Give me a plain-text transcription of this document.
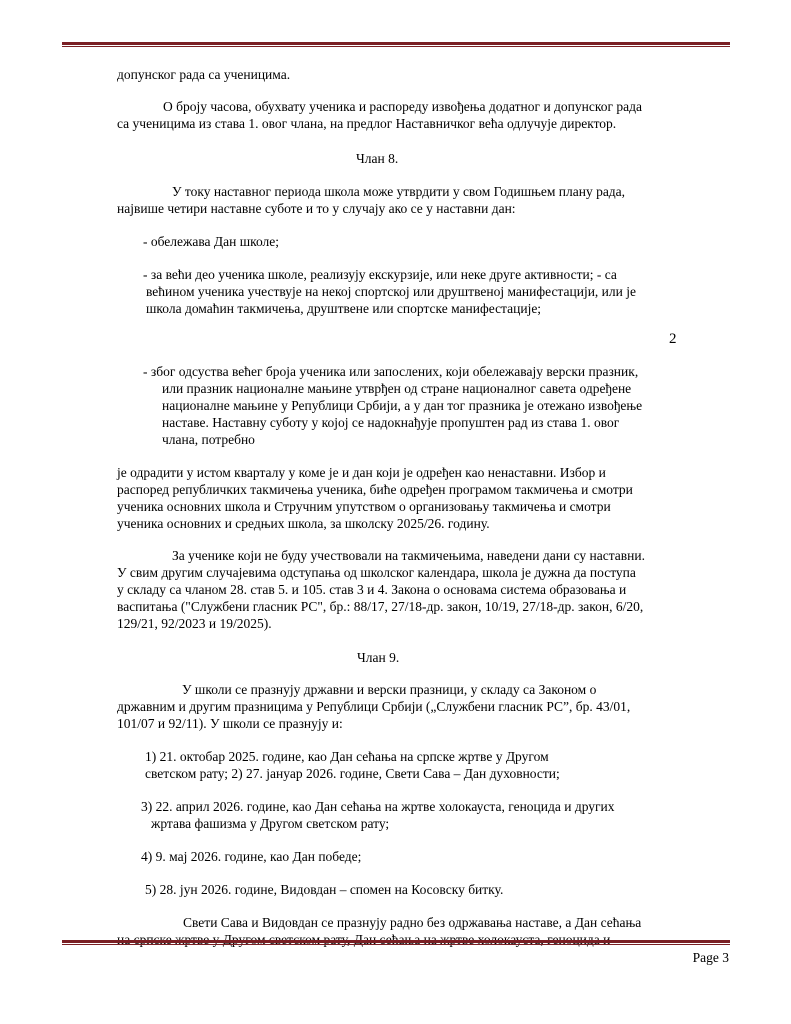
допунског рада са ученицима.
О броју часова, обухвату ученика и распореду извођења додатног и допунског рада
са ученицима из става 1. овог члана, на предлог Наставничког већа одлучује директор.
Члан 8.
У току наставног периода школа може утврдити у свом Годишњем плану рада,
највише четири наставне суботе и то у случају ако се у наставни дан:
- обележава Дан школе;
- за већи део ученика школе, реализују екскурзије, или неке друге активности; - са
већином ученика учествује на некој спортској или друштвеној манифестацији, или је
школа домаћин такмичења, друштвене или спортске манифестације;
2
- због одсуства већег броја ученика или запослених, који обележавају верски празник,
или празник националне мањине утврђен од стране националног савета одређене
националне мањине у Републици Србији, а у дан тог празника је отежано извођење
наставе. Наставну суботу у којој се надокнађује пропуштен рад из става 1. овог
члана, потребно
је одрадити у истом кварталу у коме је и дан који је одређен као ненаставни. Избор и
распоред републичких такмичења ученика, биће одређен програмом такмичења и смотри
ученика основних школа и Стручним упутством о организовању такмичења и смотри
ученика основних и средњих школа, за школску 2025/26. годину.
За ученике који не буду учествовали на такмичењима, наведени дани су наставни.
У свим другим случајевима одступања од школског календара, школа је дужна да поступа
у складу са чланом 28. став 5. и 105. став 3 и 4. Закона о основама система образовања и
васпитања ("Службени гласник РС", бр.: 88/17, 27/18-др. закон, 10/19, 27/18-др. закон, 6/20,
129/21, 92/2023 и 19/2025).
Члан 9.
У школи се празнују државни и верски празници, у складу са Законом о
државним и другим празницима у Републици Србији („Службени гласник РС”, бр. 43/01,
101/07 и 92/11). У школи се празнују и:
1) 21. октобар 2025. године, као Дан сећања на српске жртве у Другом
светском рату; 2) 27. јануар 2026. године, Свети Сава – Дан духовности;
3) 22. април 2026. године, као Дан сећања на жртве холокауста, геноцида и других
жртава фашизма у Другом светском рату;
4) 9. мај 2026. године, као Дан победе;
5) 28. јун 2026. године, Видовдан – спомен на Косовску битку.
Свети Сава и Видовдан се празнују радно без одржавања наставе, а Дан сећања
Page 3
